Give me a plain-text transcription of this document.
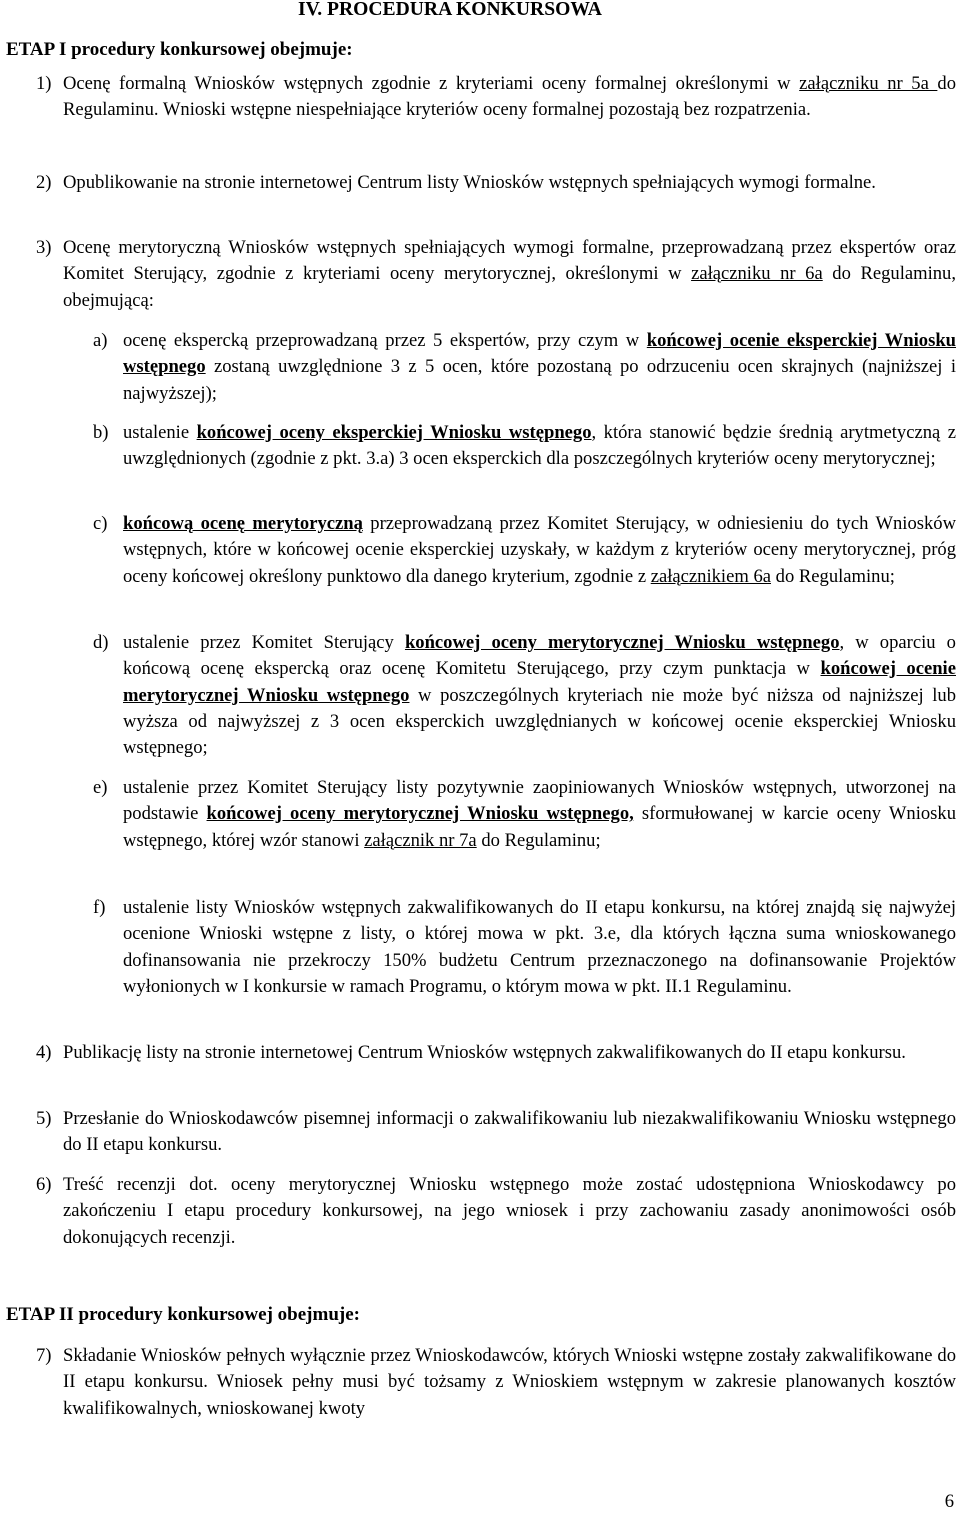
IV. PROCEDURA KONKURSOWA
ETAP I procedury konkursowej obejmuje:
1) Ocenę formalną Wniosków wstępnych zgodnie z kryteriami oceny formalnej określonymi w załączniku nr 5a do Regulaminu. Wnioski wstępne niespełniające kryteriów oceny formalnej pozostają bez rozpatrzenia.
2) Opublikowanie na stronie internetowej Centrum listy Wniosków wstępnych spełniających wymogi formalne.
3) Ocenę merytoryczną Wniosków wstępnych spełniających wymogi formalne, przeprowadzaną przez ekspertów oraz Komitet Sterujący, zgodnie z kryteriami oceny merytorycznej, określonymi w załączniku nr 6a do Regulaminu, obejmującą:
a) ocenę ekspercką przeprowadzaną przez 5 ekspertów, przy czym w końcowej ocenie eksperckiej Wniosku wstępnego zostaną uwzględnione 3 z 5 ocen, które pozostaną po odrzuceniu ocen skrajnych (najniższej i najwyższej);
b) ustalenie końcowej oceny eksperckiej Wniosku wstępnego, która stanowić będzie średnią arytmetyczną z uwzględnionych (zgodnie z pkt. 3.a) 3 ocen eksperckich dla poszczególnych kryteriów oceny merytorycznej;
c) końcową ocenę merytoryczną przeprowadzaną przez Komitet Sterujący, w odniesieniu do tych Wniosków wstępnych, które w końcowej ocenie eksperckiej uzyskały, w każdym z kryteriów oceny merytorycznej, próg oceny końcowej określony punktowo dla danego kryterium, zgodnie z załącznikiem 6a do Regulaminu;
d) ustalenie przez Komitet Sterujący końcowej oceny merytorycznej Wniosku wstępnego, w oparciu o końcową ocenę ekspercką oraz ocenę Komitetu Sterującego, przy czym punktacja w końcowej ocenie merytorycznej Wniosku wstępnego w poszczególnych kryteriach nie może być niższa od najniższej lub wyższa od najwyższej z 3 ocen eksperckich uwzględnianych w końcowej ocenie eksperckiej Wniosku wstępnego;
e) ustalenie przez Komitet Sterujący listy pozytywnie zaopiniowanych Wniosków wstępnych, utworzonej na podstawie końcowej oceny merytorycznej Wniosku wstępnego, sformułowanej w karcie oceny Wniosku wstępnego, której wzór stanowi załącznik nr 7a do Regulaminu;
f) ustalenie listy Wniosków wstępnych zakwalifikowanych do II etapu konkursu, na której znajdą się najwyżej ocenione Wnioski wstępne z listy, o której mowa w pkt. 3.e, dla których łączna suma wnioskowanego dofinansowania nie przekroczy 150% budżetu Centrum przeznaczonego na dofinansowanie Projektów wyłonionych w I konkursie w ramach Programu, o którym mowa w pkt. II.1 Regulaminu.
4) Publikację listy na stronie internetowej Centrum Wniosków wstępnych zakwalifikowanych do II etapu konkursu.
5) Przesłanie do Wnioskodawców pisemnej informacji o zakwalifikowaniu lub niezakwalifikowaniu Wniosku wstępnego do II etapu konkursu.
6) Treść recenzji dot. oceny merytorycznej Wniosku wstępnego może zostać udostępniona Wnioskodawcy po zakończeniu I etapu procedury konkursowej, na jego wniosek i przy zachowaniu zasady anonimowości osób dokonujących recenzji.
ETAP II procedury konkursowej obejmuje:
7) Składanie Wniosków pełnych wyłącznie przez Wnioskodawców, których Wnioski wstępne zostały zakwalifikowane do II etapu konkursu. Wniosek pełny musi być tożsamy z Wnioskiem wstępnym w zakresie planowanych kosztów kwalifikowalnych, wnioskowanej kwoty
6
